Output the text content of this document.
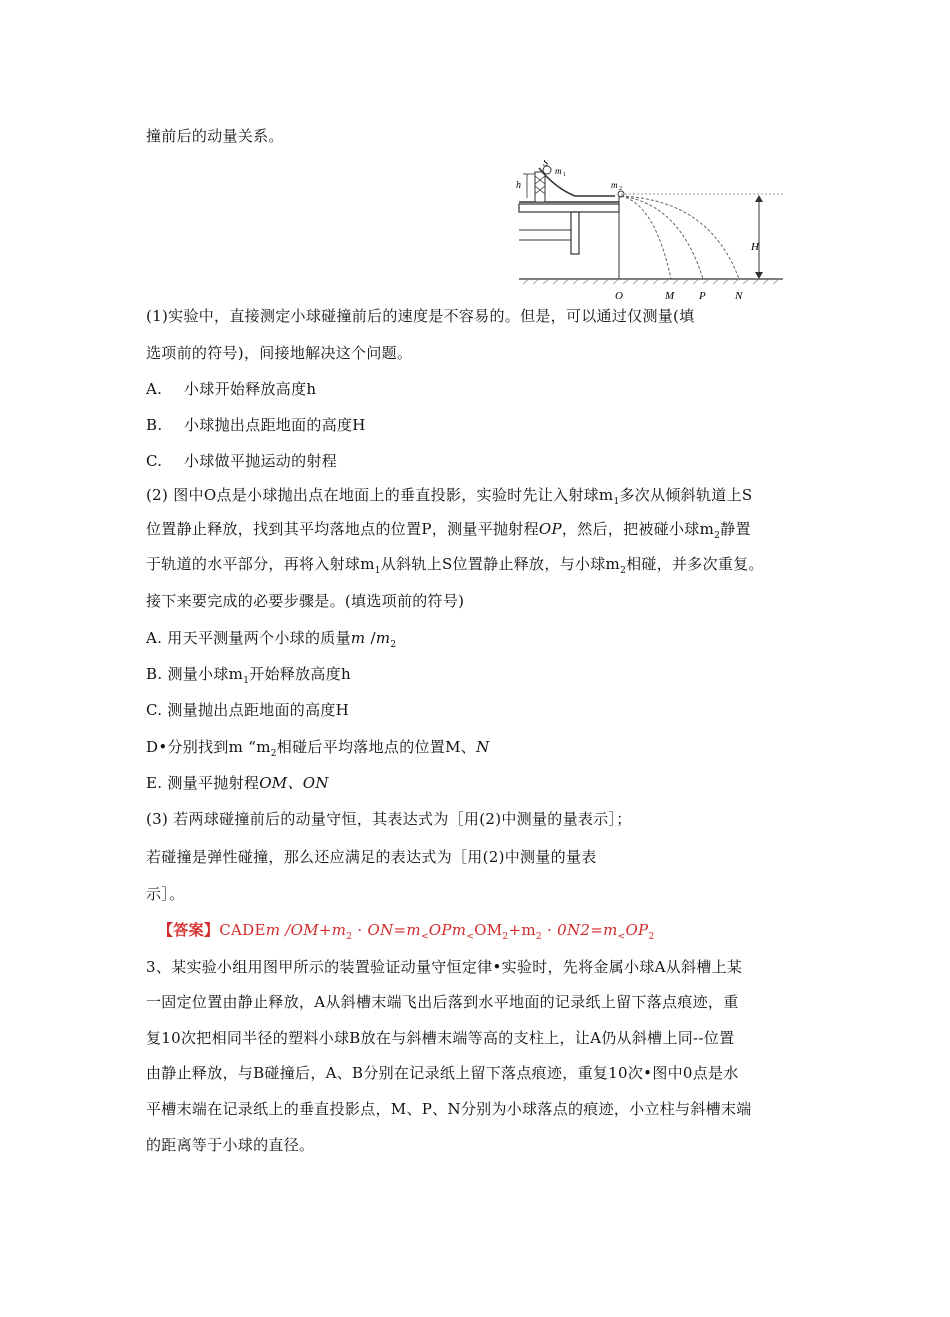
撞前后的动量关系。
S
m 1
h	m 2
H
O	M P	N
(1)实验中，直接测定小球碰撞前后的速度是不容易的。但是，可以通过仅测量(填
选项前的符号)，间接地解决这个问题。
A. 小球开始释放高度h
B. 小球抛出点距地面的高度H
C. 小球做平抛运动的射程
(2) 图中O点是小球抛出点在地面上的垂直投影，实验时先让入射球$m_1$多次从倾斜轨道上S
位置静止释放，找到其平均落地点的位置P，测量平抛射程OP，然后，把被碰小球$m_2$静置
于轨道的水平部分，再将入射球$m_1$从斜轨上S位置静止释放，与小球$m_2$相碰，并多次重复。
接下来要完成的必要步骤是。(填选项前的符号)
A. 用天平测量两个小球的质量m $/m_2$
B. 测量小球$m_1$开始释放高度h
C. 测量抛出点距地面的高度H
D•分别找到m “$m_2$相碰后平均落地点的位置M、N
E. 测量平抛射程OM、ON
(3) 若两球碰撞前后的动量守恒，其表达式为［用(2)中测量的量表示］；
若碰撞是弹性碰撞，那么还应满足的表达式为［用(2)中测量的量表
示］。
【答案】CADEm $/OM+m_2 \cdot ON=m_<OPm_<OM_2+m_2 \cdot 0N2=m_<OP_2$
3、某实验小组用图甲所示的装置验证动量守恒定律•实验时，先将金属小球A从斜槽上某
一固定位置由静止释放，A从斜槽末端飞出后落到水平地面的记录纸上留下落点痕迹，重
复10次把相同半径的塑料小球B放在与斜槽末端等高的支柱上，让A仍从斜槽上同--位置
由静止释放，与B碰撞后，A、B分别在记录纸上留下落点痕迹，重复10次•图中0点是水
平槽末端在记录纸上的垂直投影点，M、P、N分别为小球落点的痕迹，小立柱与斜槽末端
的距离等于小球的直径。
